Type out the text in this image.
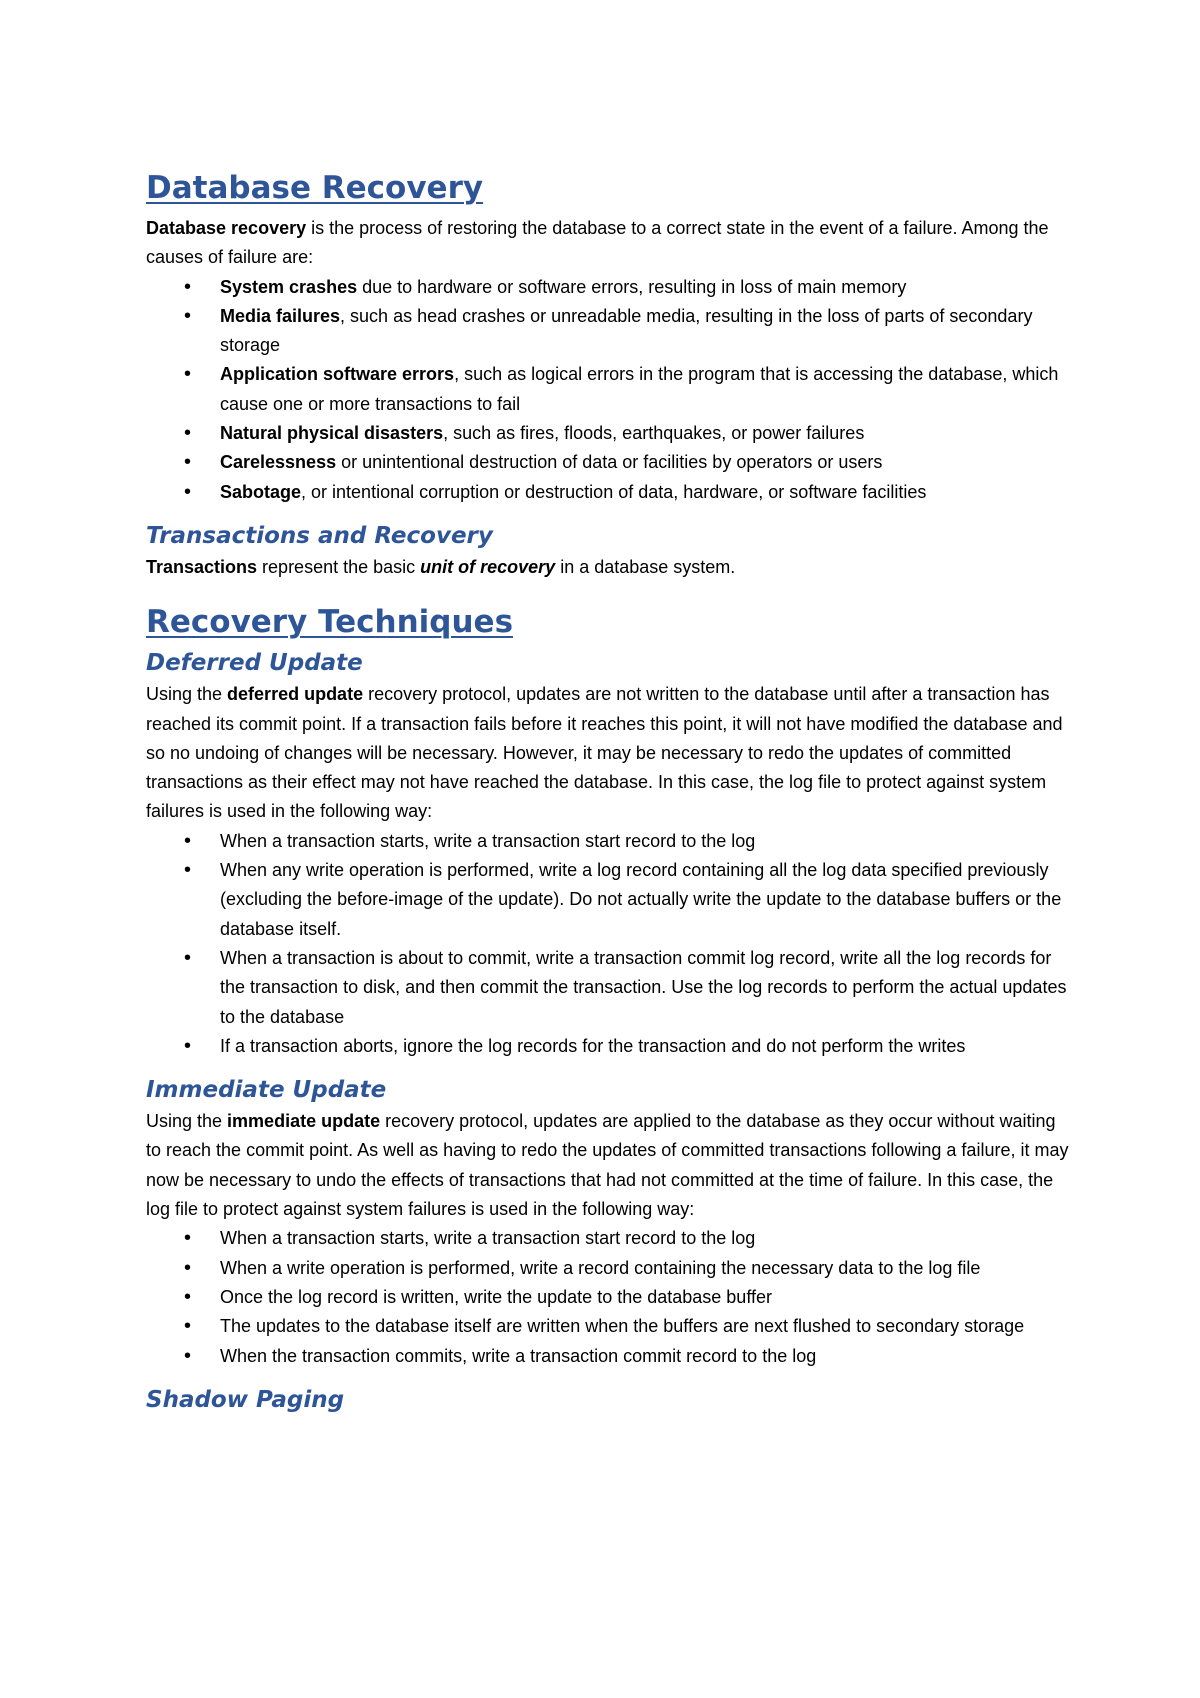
Database Recovery

Database recovery is the process of restoring the database to a correct state in the event of a failure. Among the causes of failure are:

• System crashes due to hardware or software errors, resulting in loss of main memory
• Media failures, such as head crashes or unreadable media, resulting in the loss of parts of secondary storage
• Application software errors, such as logical errors in the program that is accessing the database, which cause one or more transactions to fail
• Natural physical disasters, such as fires, floods, earthquakes, or power failures
• Carelessness or unintentional destruction of data or facilities by operators or users
• Sabotage, or intentional corruption or destruction of data, hardware, or software facilities
Transactions and Recovery

Transactions represent the basic unit of recovery in a database system.

Recovery Techniques
Deferred Update

Using the deferred update recovery protocol, updates are not written to the database until after a transaction has reached its commit point. If a transaction fails before it reaches this point, it will not have modified the database and so no undoing of changes will be necessary. However, it may be necessary to redo the updates of committed transactions as their effect may not have reached the database. In this case, the log file to protect against system failures is used in the following way:

• When a transaction starts, write a transaction start record to the log
• When any write operation is performed, write a log record containing all the log data specified previously (excluding the before-image of the update). Do not actually write the update to the database buffers or the database itself.
• When a transaction is about to commit, write a transaction commit log record, write all the log records for the transaction to disk, and then commit the transaction. Use the log records to perform the actual updates to the database
• If a transaction aborts, ignore the log records for the transaction and do not perform the writes
Immediate Update

Using the immediate update recovery protocol, updates are applied to the database as they occur without waiting to reach the commit point. As well as having to redo the updates of committed transactions following a failure, it may now be necessary to undo the effects of transactions that had not committed at the time of failure. In this case, the log file to protect against system failures is used in the following way:

• When a transaction starts, write a transaction start record to the log
• When a write operation is performed, write a record containing the necessary data to the log file
• Once the log record is written, write the update to the database buffer
• The updates to the database itself are written when the buffers are next flushed to secondary storage
• When the transaction commits, write a transaction commit record to the log
Shadow Paging
